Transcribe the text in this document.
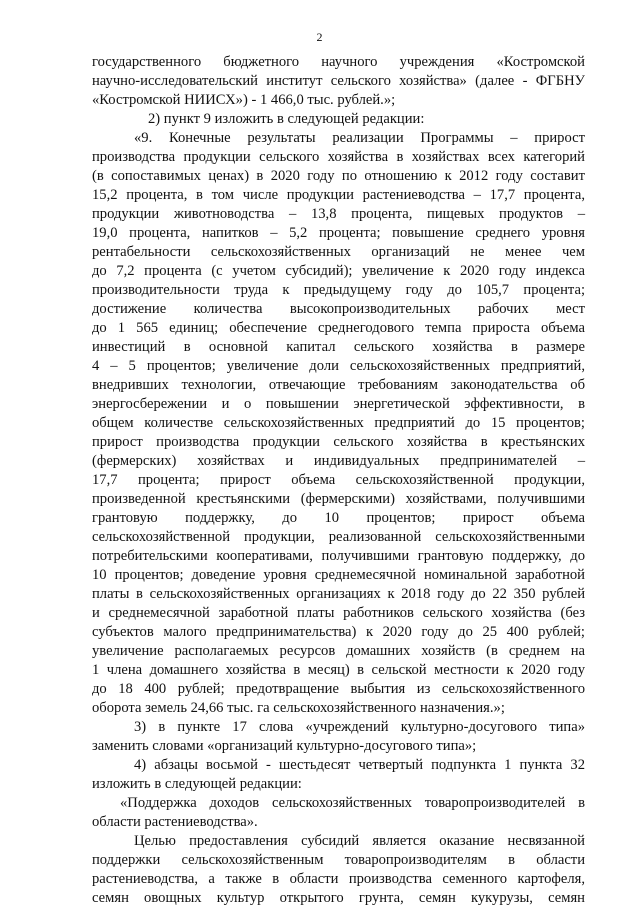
2
государственного бюджетного научного учреждения «Костромской
научно-исследовательский институт сельского хозяйства» (далее - ФГБНУ
«Костромской НИИСХ») - 1 466,0 тыс. рублей.»;
2) пункт 9 изложить в следующей редакции:
«9. Конечные результаты реализации Программы – прирост
производства продукции сельского хозяйства в хозяйствах всех категорий
(в сопоставимых ценах) в 2020 году по отношению к 2012 году составит
15,2 процента, в том числе продукции растениеводства – 17,7 процента,
продукции животноводства – 13,8 процента, пищевых продуктов –
19,0 процента, напитков – 5,2 процента; повышение среднего уровня
рентабельности сельскохозяйственных организаций не менее чем
до 7,2 процента (с учетом субсидий); увеличение к 2020 году индекса
производительности труда к предыдущему году до 105,7 процента;
достижение количества высокопроизводительных рабочих мест
до 1 565 единиц; обеспечение среднегодового темпа прироста объема
инвестиций в основной капитал сельского хозяйства в размере
4 – 5 процентов; увеличение доли сельскохозяйственных предприятий,
внедривших технологии, отвечающие требованиям законодательства об
энергосбережении и о повышении энергетической эффективности, в
общем количестве сельскохозяйственных предприятий до 15 процентов;
прирост производства продукции сельского хозяйства в крестьянских
(фермерских) хозяйствах и индивидуальных предпринимателей –
17,7 процента; прирост объема сельскохозяйственной продукции,
произведенной крестьянскими (фермерскими) хозяйствами, получившими
грантовую поддержку, до 10 процентов; прирост объема
сельскохозяйственной продукции, реализованной сельскохозяйственными
потребительскими кооперативами, получившими грантовую поддержку, до
10 процентов; доведение уровня среднемесячной номинальной заработной
платы в сельскохозяйственных организациях к 2018 году до 22 350 рублей
и среднемесячной заработной платы работников сельского хозяйства (без
субъектов малого предпринимательства) к 2020 году до 25 400 рублей;
увеличение располагаемых ресурсов домашних хозяйств (в среднем на
1 члена домашнего хозяйства в месяц) в сельской местности к 2020 году
до 18 400 рублей; предотвращение выбытия из сельскохозяйственного
оборота земель 24,66 тыс. га сельскохозяйственного назначения.»;
3) в пункте 17 слова «учреждений культурно-досугового типа»
заменить словами «организаций культурно-досугового типа»;
4) абзацы восьмой - шестьдесят четвертый подпункта 1 пункта 32
изложить в следующей редакции:
«Поддержка доходов сельскохозяйственных товаропроизводителей в
области растениеводства».
Целью предоставления субсидий является оказание несвязанной
поддержки сельскохозяйственным товаропроизводителям в области
растениеводства, а также в области производства семенного картофеля,
семян овощных культур открытого грунта, семян кукурузы, семян
